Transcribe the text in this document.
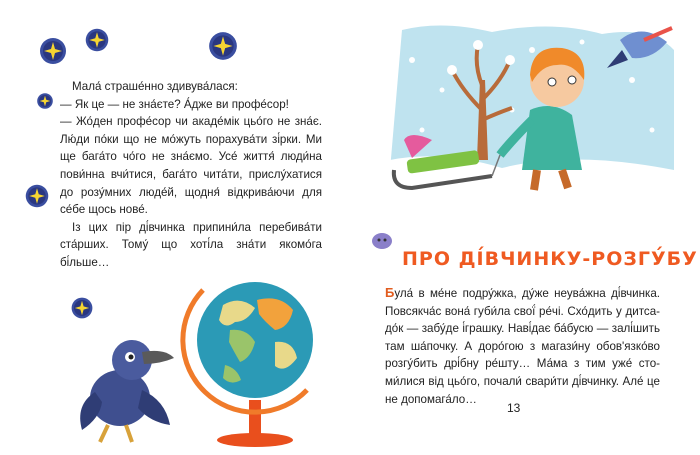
Мала́ страше́нно здивува́лася:

— Як це — не зна́єте? А́дже ви профе́сор!

— Жо́ден профе́сор чи акаде́мік цьо́го не зна́є. Лю́ди по́ки що не мо́жуть порахува́ти зі́рки. Ми ще бага́то чо́го не зна́ємо. Усе́ життя́ люди́на пови́нна вчи́тися, бага́то чита́ти, прислу́хатися до розу́мних люде́й, щодня́ відкрива́ючи для се́бе щось нове́.

Із цих пір ді́вчинка припини́ла перебива́ти ста́рших. Тому́ що хоті́ла зна́ти якомо́га бі́льше…	ПРО ДІ́ВЧИНКУ-РОЗГУ́БУ

Була́ в ме́не подру́жка, ду́же неува́жна ді́вчинка. Повсякча́с вона́ губи́ла свої́ ре́чі. Схо́дить у дитса-до́к — забу́де і́грашку. Наві́дає ба́бусю — залі́шить там ша́почку. А доро́гою з магази́ну обов'язко́во розгу́бить дрі́бну ре́шту… Ма́ма з тим уже́ сто-ми́лися від цьо́го, почали́ свари́ти ді́вчинку. Але́ це не допомага́ло…

13
